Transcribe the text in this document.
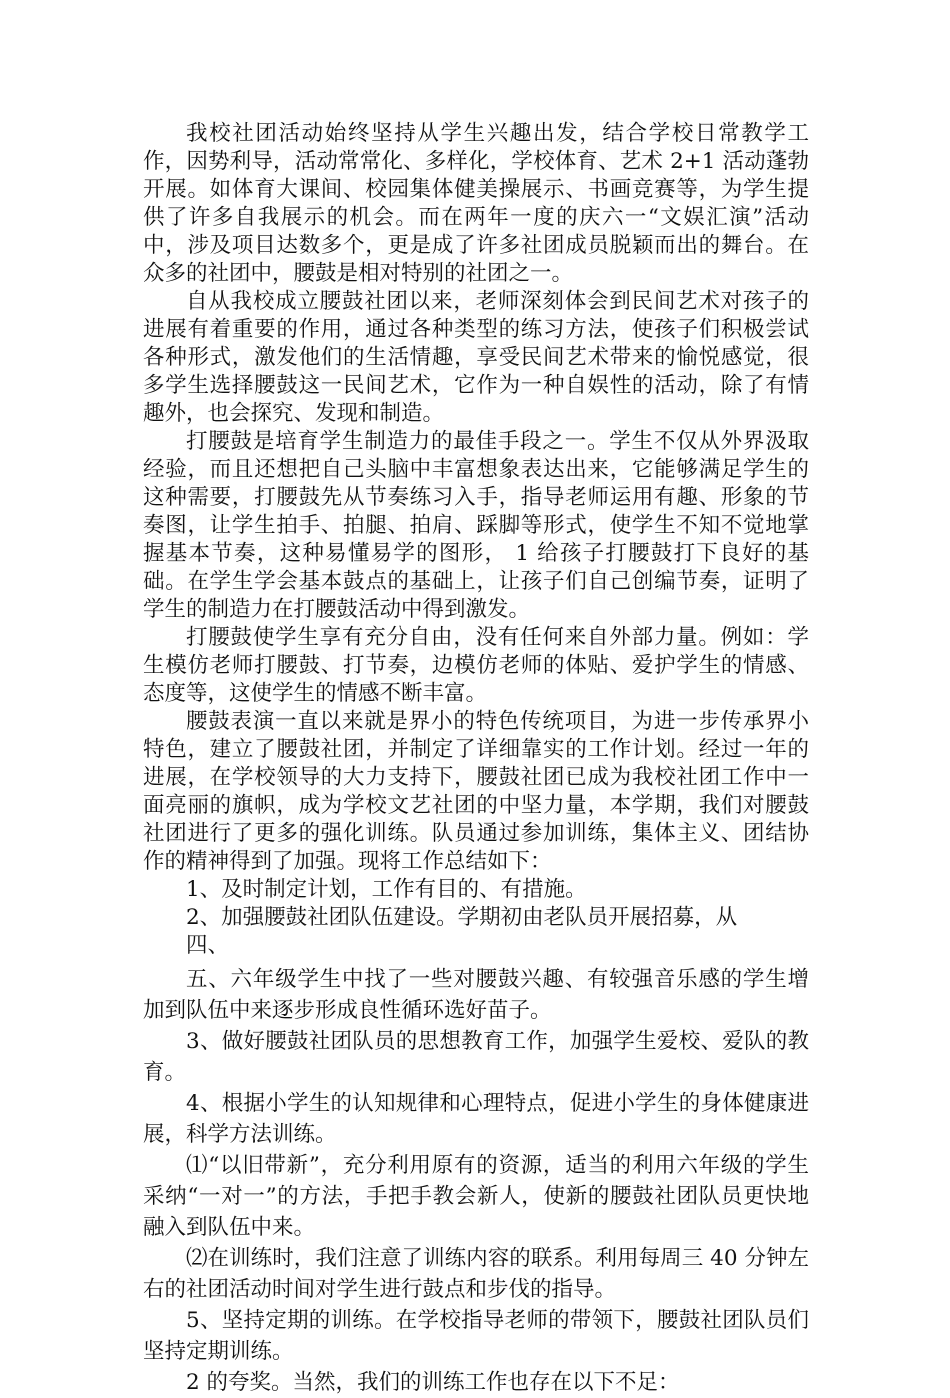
我校社团活动始终坚持从学生兴趣出发，结合学校日常教学工作，因势利导，活动常常化、多样化，学校体育、艺术 2+1 活动蓬勃开展。如体育大课间、校园集体健美操展示、书画竞赛等，为学生提供了许多自我展示的机会。而在两年一度的庆六一“文娱汇演”活动中，涉及项目达数多个，更是成了许多社团成员脱颖而出的舞台。在众多的社团中，腰鼓是相对特别的社团之一。

自从我校成立腰鼓社团以来，老师深刻体会到民间艺术对孩子的进展有着重要的作用，通过各种类型的练习方法，使孩子们积极尝试各种形式，激发他们的生活情趣，享受民间艺术带来的愉悦感觉，很多学生选择腰鼓这一民间艺术，它作为一种自娱性的活动，除了有情趣外，也会探究、发现和制造。

打腰鼓是培育学生制造力的最佳手段之一。学生不仅从外界汲取经验，而且还想把自己头脑中丰富想象表达出来，它能够满足学生的这种需要，打腰鼓先从节奏练习入手，指导老师运用有趣、形象的节奏图，让学生拍手、拍腿、拍肩、踩脚等形式，使学生不知不觉地掌握基本节奏，这种易懂易学的图形， 1 给孩子打腰鼓打下良好的基础。在学生学会基本鼓点的基础上，让孩子们自己创编节奏，证明了学生的制造力在打腰鼓活动中得到激发。

打腰鼓使学生享有充分自由，没有任何来自外部力量。例如：学生模仿老师打腰鼓、打节奏，边模仿老师的体贴、爱护学生的情感、态度等，这使学生的情感不断丰富。

腰鼓表演一直以来就是界小的特色传统项目，为进一步传承界小特色，建立了腰鼓社团，并制定了详细靠实的工作计划。经过一年的进展，在学校领导的大力支持下，腰鼓社团已成为我校社团工作中一面亮丽的旗帜，成为学校文艺社团的中坚力量，本学期，我们对腰鼓社团进行了更多的强化训练。队员通过参加训练，集体主义、团结协作的精神得到了加强。现将工作总结如下：

1、及时制定计划，工作有目的、有措施。

2、加强腰鼓社团队伍建设。学期初由老队员开展招募，从

四、

五、六年级学生中找了一些对腰鼓兴趣、有较强音乐感的学生增加到队伍中来逐步形成良性循环选好苗子。

3、做好腰鼓社团队员的思想教育工作，加强学生爱校、爱队的教育。

4、根据小学生的认知规律和心理特点，促进小学生的身体健康进展，科学方法训练。

⑴“以旧带新”，充分利用原有的资源，适当的利用六年级的学生采纳“一对一”的方法，手把手教会新人，使新的腰鼓社团队员更快地融入到队伍中来。

⑵在训练时，我们注意了训练内容的联系。利用每周三 40 分钟左右的社团活动时间对学生进行鼓点和步伐的指导。

5、坚持定期的训练。在学校指导老师的带领下，腰鼓社团队员们坚持定期训练。

2 的夸奖。当然，我们的训练工作也存在以下不足：
